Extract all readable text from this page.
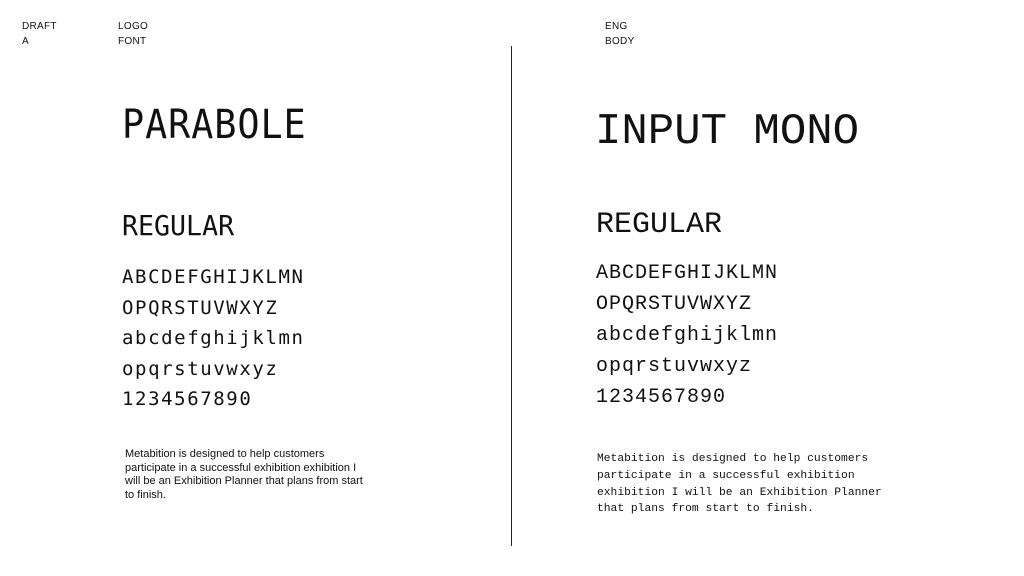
DRAFT
A
LOGO
FONT
ENG
BODY
PARABOLE
REGULAR
ABCDEFGHIJKLMN
OPQRSTUVWXYZ
abcdefghijklmn
opqrstuvwxyz
1234567890

Metabition is designed to help customers participate in a successful exhibition exhibition I will be an Exhibition Planner that plans from start to finish.

INPUT MONO
REGULAR
ABCDEFGHIJKLMN
OPQRSTUVWXYZ
abcdefghijklmn
opqrstuvwxyz
1234567890

Metabition is designed to help customers participate in a successful exhibition exhibition I will be an Exhibition Planner that plans from start to finish.
